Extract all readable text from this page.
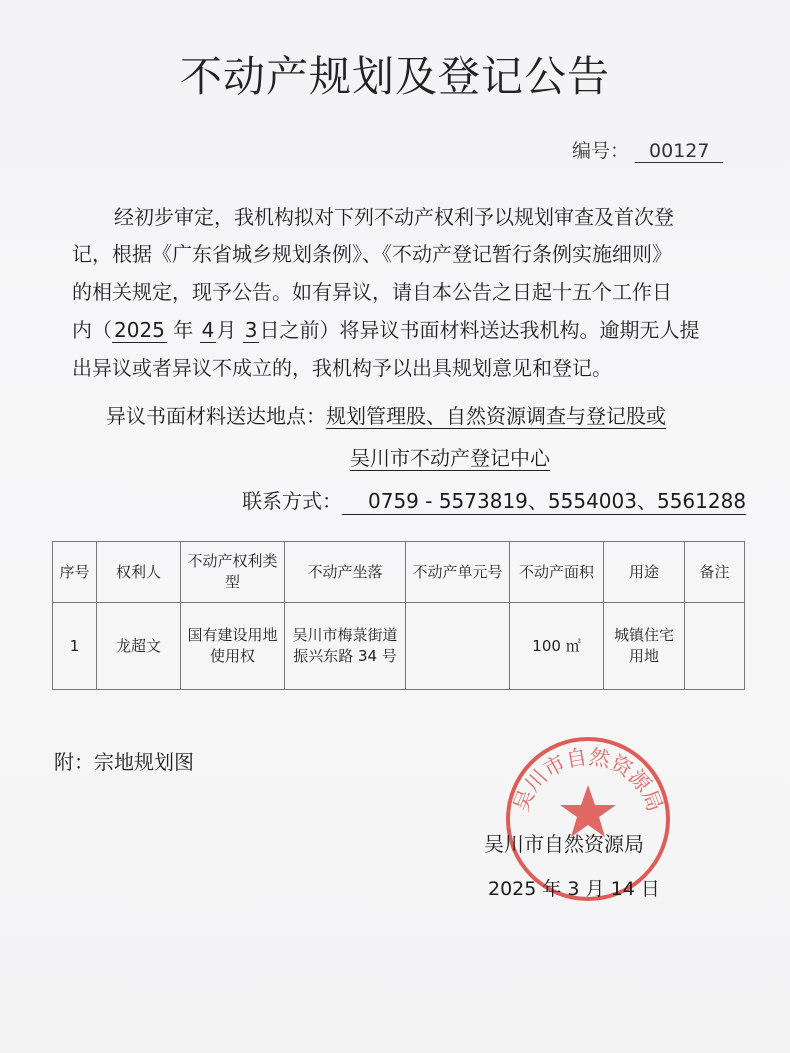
不动产规划及登记公告
编号： 00127
经初步审定，我机构拟对下列不动产权利予以规划审查及首次登
记，根据《广东省城乡规划条例》、《不动产登记暂行条例实施细则》
的相关规定，现予公告。如有异议，请自本公告之日起十五个工作日
内（ 2025 年 4 月 3 日之前）将异议书面材料送达我机构。逾期无人提
出异议或者异议不成立的，我机构予以出具规划意见和登记。
异议书面材料送达地点：规划管理股、自然资源调查与登记股或
吴川市不动产登记中心
联系方式： 0759 - 5573819、5554003、5561288
序号	权利人	不动产权利类型	不动产坐落	不动产单元号	不动产面积	用途	备注
1	龙超文	国有建设用地使用权	吴川市梅菉街道振兴东路 34 号		100 ㎡	城镇住宅用地	
附：宗地规划图
吴川市自然资源局
吴川市自然资源局
2025 年 3 月 14 日
